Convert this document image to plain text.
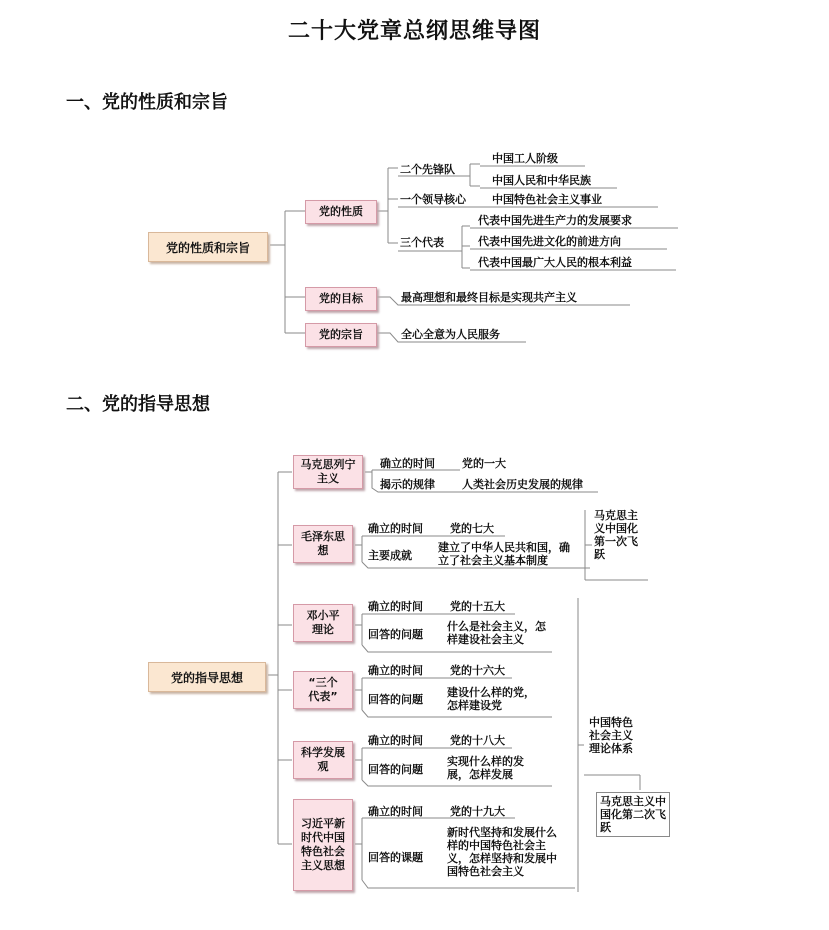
二十大党章总纲思维导图
一、党的性质和宗旨
党的性质和宗旨
党的性质
党的目标
党的宗旨
二个先锋队
中国工人阶级
中国人民和中华民族
一个领导核心 中国特色社会主义事业
三个代表
代表中国先进生产力的发展要求
代表中国先进文化的前进方向
代表中国最广大人民的根本利益
最高理想和最终目标是实现共产主义
全心全意为人民服务
二、党的指导思想
党的指导思想
马克思列宁主义
确立的时间 党的一大
揭示的规律 人类社会历史发展的规律
毛泽东思想
确立的时间 党的七大
主要成就
建立了中华人民共和国，确立了社会主义基本制度
马克思主义中国化第一次飞跃
邓小平理论
确立的时间 党的十五大
回答的问题
什么是社会主义，怎样建设社会主义
“三个代表”
确立的时间 党的十六大
回答的问题
建设什么样的党，怎样建设党
科学发展观
确立的时间 党的十八大
回答的问题
实现什么样的发展，怎样发展
习近平新时代中国特色社会主义思想
确立的时间 党的十九大
回答的课题
新时代坚持和发展什么样的中国特色社会主义，怎样坚持和发展中国特色社会主义
中国特色社会主义理论体系
马克思主义中国化第二次飞跃
